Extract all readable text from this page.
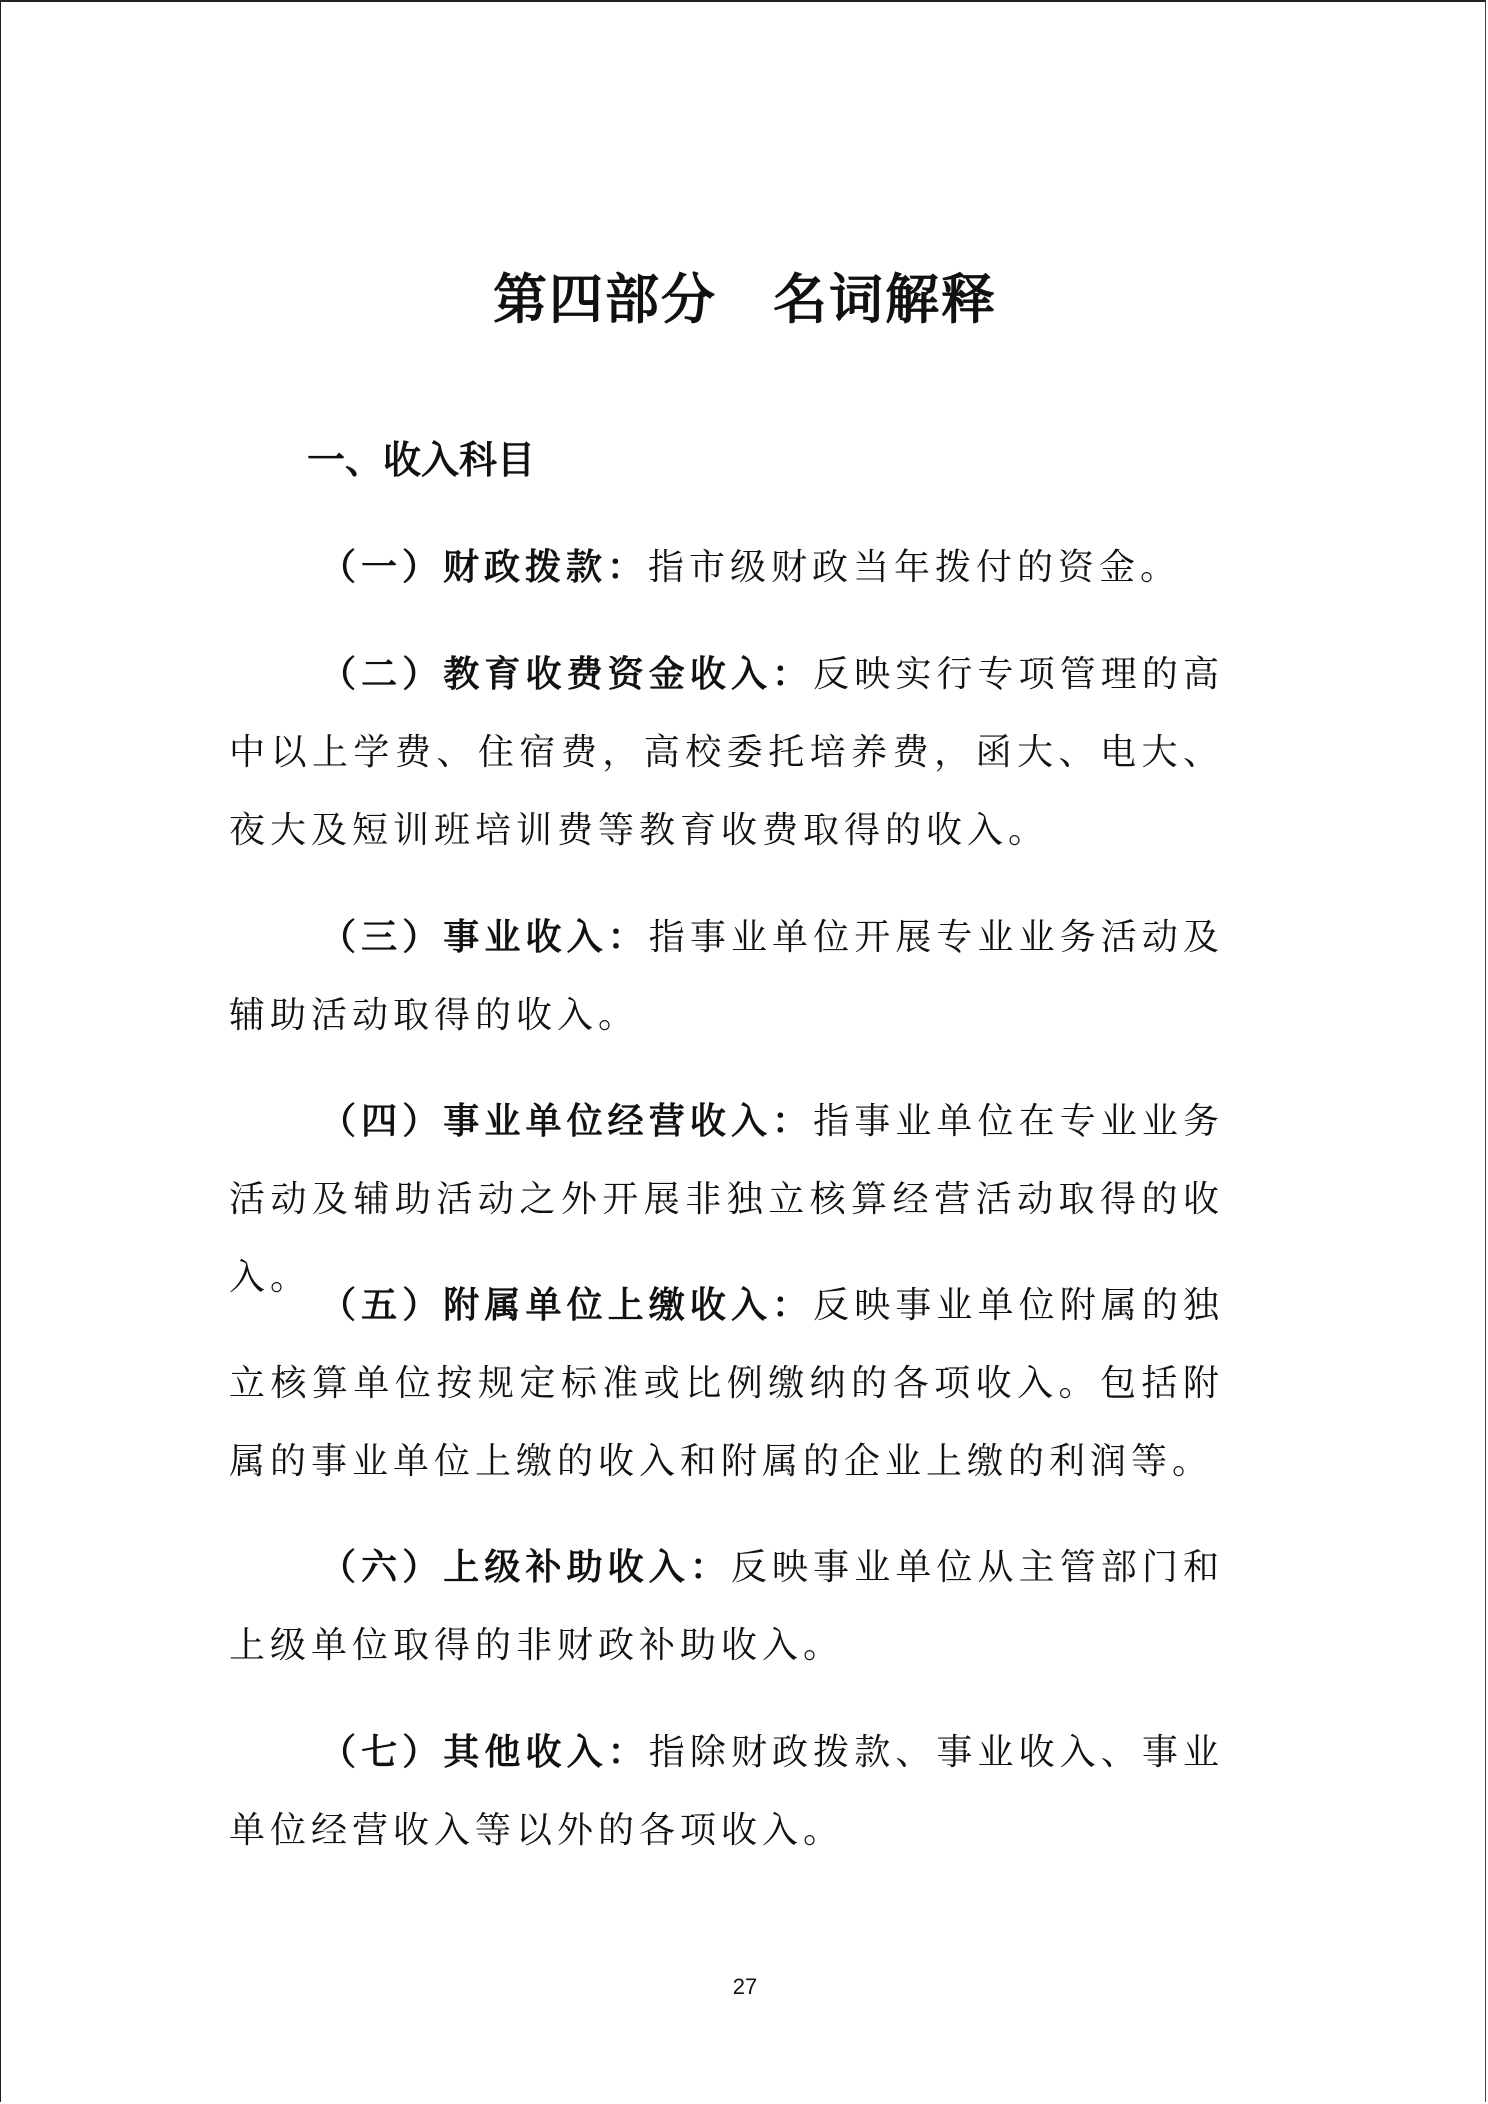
第四部分　名词解释
一、收入科目

（一）财政拨款：指市级财政当年拨付的资金。

（二）教育收费资金收入：反映实行专项管理的高中以上学费、住宿费，高校委托培养费，函大、电大、夜大及短训班培训费等教育收费取得的收入。

（三）事业收入：指事业单位开展专业业务活动及辅助活动取得的收入。

（四）事业单位经营收入：指事业单位在专业业务活动及辅助活动之外开展非独立核算经营活动取得的收入。

（五）附属单位上缴收入：反映事业单位附属的独立核算单位按规定标准或比例缴纳的各项收入。包括附属的事业单位上缴的收入和附属的企业上缴的利润等。

（六）上级补助收入：反映事业单位从主管部门和上级单位取得的非财政补助收入。

（七）其他收入：指除财政拨款、事业收入、事业单位经营收入等以外的各项收入。

27
